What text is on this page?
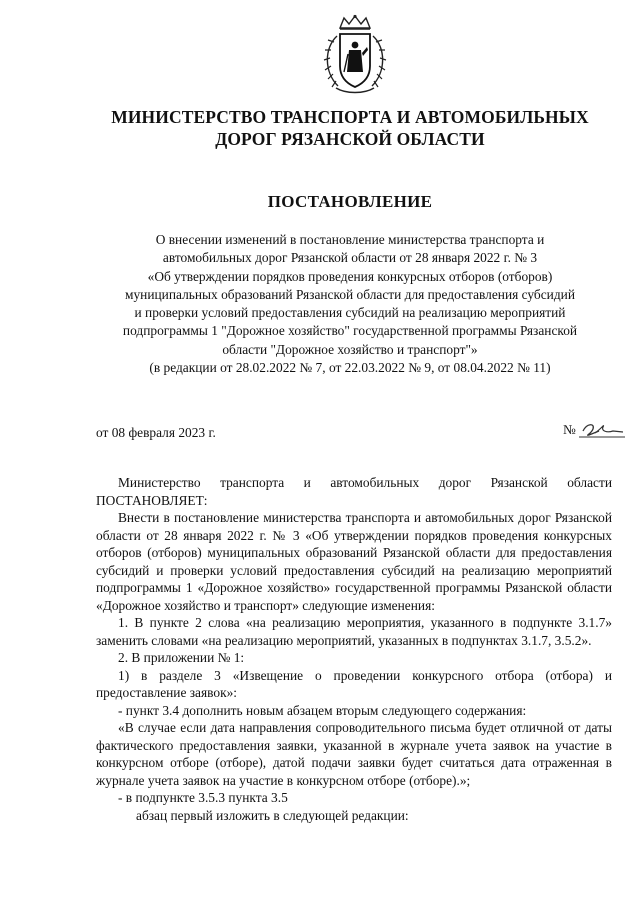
МИНИСТЕРСТВО ТРАНСПОРТА И АВТОМОБИЛЬНЫХ
ДОРОГ РЯЗАНСКОЙ ОБЛАСТИ
ПОСТАНОВЛЕНИЕ
О внесении изменений в постановление министерства транспорта и
автомобильных дорог Рязанской области от 28 января 2022 г. № 3
«Об утверждении порядков проведения конкурсных отборов (отборов)
муниципальных образований Рязанской области для предоставления субсидий
и проверки условий предоставления субсидий на реализацию мероприятий
подпрограммы 1 "Дорожное хозяйство" государственной программы Рязанской
области "Дорожное хозяйство и транспорт"»
(в редакции от 28.02.2022 № 7, от 22.03.2022 № 9, от 08.04.2022 № 11)
от 08 февраля 2023 г.	№

Министерство транспорта и автомобильных дорог Рязанской области ПОСТАНОВЛЯЕТ:

Внести в постановление министерства транспорта и автомобильных дорог Рязанской области от 28 января 2022 г. № 3 «Об утверждении порядков проведения конкурсных отборов (отборов) муниципальных образований Рязанской области для предоставления субсидий и проверки условий предоставления субсидий на реализацию мероприятий подпрограммы 1 «Дорожное хозяйство» государственной программы Рязанской области «Дорожное хозяйство и транспорт» следующие изменения:

1. В пункте 2 слова «на реализацию мероприятия, указанного в подпункте 3.1.7» заменить словами «на реализацию мероприятий, указанных в подпунктах 3.1.7, 3.5.2».

2. В приложении № 1:

1) в разделе 3 «Извещение о проведении конкурсного отбора (отбора) и предоставление заявок»:

- пункт 3.4 дополнить новым абзацем вторым следующего содержания:

«В случае если дата направления сопроводительного письма будет отличной от даты фактического предоставления заявки, указанной в журнале учета заявок на участие в конкурсном отборе (отборе), датой подачи заявки будет считаться дата отраженная в журнале учета заявок на участие в конкурсном отборе (отборе).»;

- в подпункте 3.5.3 пункта 3.5

абзац первый изложить в следующей редакции:
